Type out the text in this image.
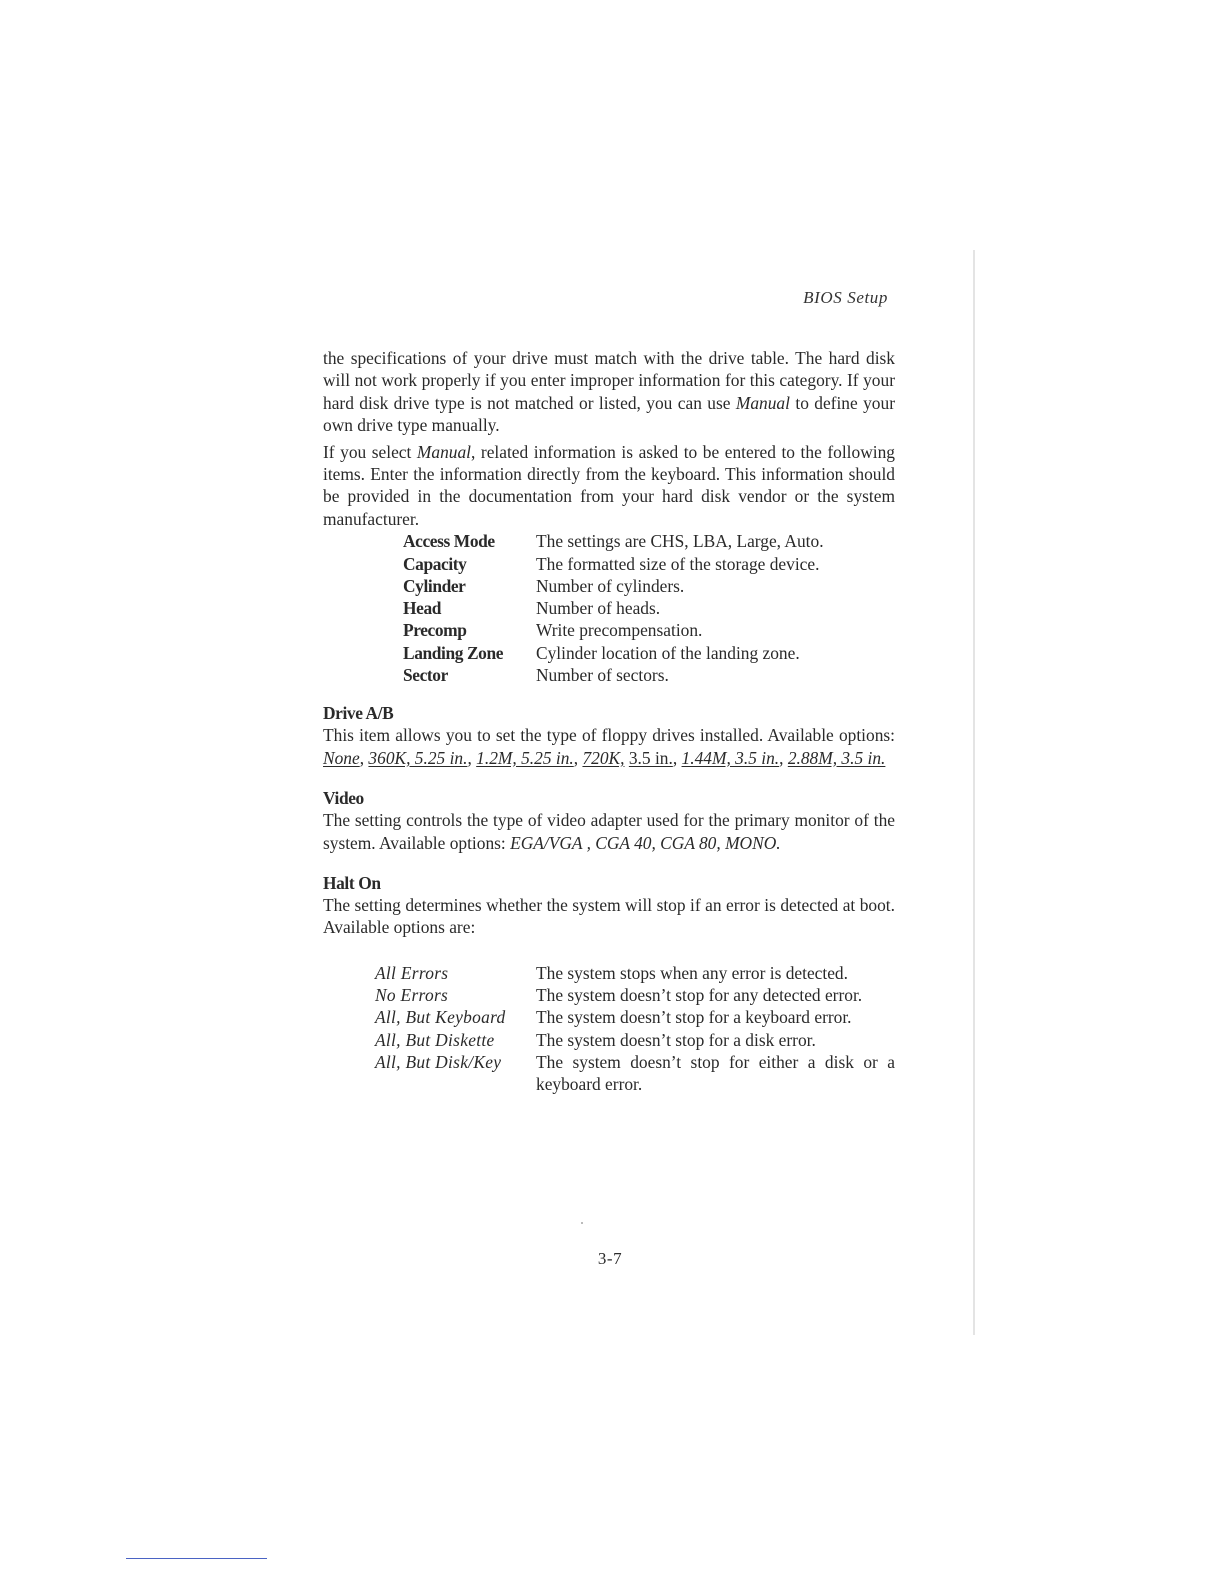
BIOS Setup

the specifications of your drive must match with the drive table. The hard disk will not work properly if you enter improper information for this category. If your hard disk drive type is not matched or listed, you can use Manual to define your own drive type manually.

If you select Manual, related information is asked to be entered to the following items. Enter the information directly from the keyboard. This information should be provided in the documentation from your hard disk vendor or the system manufacturer.

Access Mode	The settings are CHS, LBA, Large, Auto.
Capacity	The formatted size of the storage device.
Cylinder	Number of cylinders.
Head	Number of heads.
Precomp	Write precompensation.
Landing Zone	Cylinder location of the landing zone.
Sector	Number of sectors.
Drive A/B

This item allows you to set the type of floppy drives installed. Available options: None, 360K, 5.25 in., 1.2M, 5.25 in., 720K, 3.5 in., 1.44M, 3.5 in., 2.88M, 3.5 in.

Video

The setting controls the type of video adapter used for the primary monitor of the system. Available options: EGA/VGA , CGA 40, CGA 80, MONO.

Halt On

The setting determines whether the system will stop if an error is detected at boot. Available options are:

All Errors	The system stops when any error is detected.
No Errors	The system doesn’t stop for any detected error.
All, But Keyboard	The system doesn’t stop for a keyboard error.
All, But Diskette	The system doesn’t stop for a disk error.
All, But Disk/Key	The system doesn’t stop for either a disk or a keyboard error.
3-7
